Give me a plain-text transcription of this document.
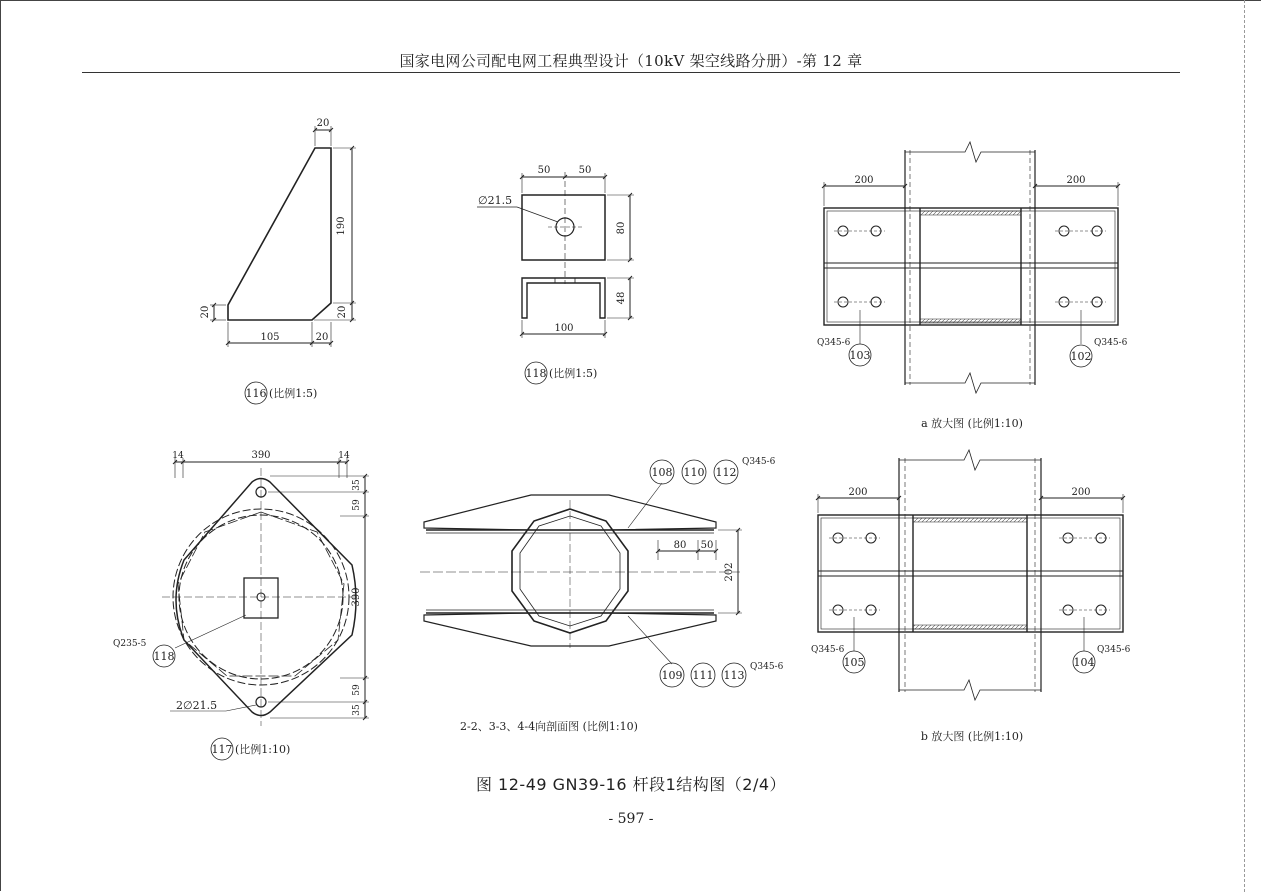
国家电网公司配电网工程典型设计（10kV 架空线路分册）-第 12 章
20
190
20
20
105	20
116 (比例1:5)
50	50
∅21.5
80
48
100
118 (比例1:5)
200	200
Q345-6
103
Q345-6
102
a 放大图 (比例1:10)
14	390	14
35
59
390
59
35
Q235-5
118
2∅21.5
117 (比例1:10)
80 50
202
108 110 112
Q345-6
109 111 113
Q345-6
2-2、3-3、4-4向剖面图 (比例1:10)
200	200
Q345-6
105
Q345-6
104
b 放大图 (比例1:10)
图 12-49 GN39-16 杆段1结构图（2/4）
- 597 -
